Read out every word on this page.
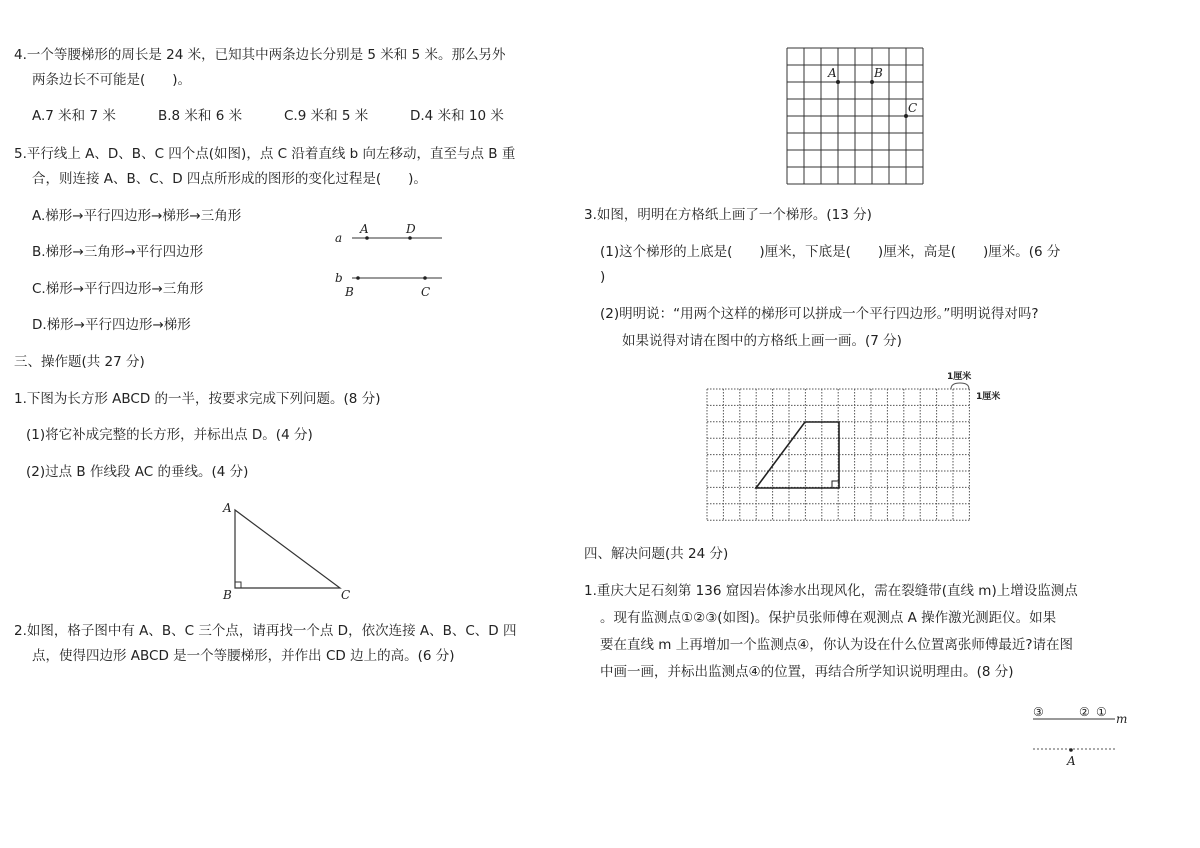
4.一个等腰梯形的周长是 24 米，已知其中两条边长分别是 5 米和 5 米。那么另外
两条边长不可能是(　　)。
A.7 米和 7 米	B.8 米和 6 米	C.9 米和 5 米	D.4 米和 10 米
5.平行线上 A、D、B、C 四个点(如图)，点 C 沿着直线 b 向左移动，直至与点 B 重
合，则连接 A、B、C、D 四点所形成的图形的变化过程是(　　)。
A.梯形→平行四边形→梯形→三角形
B.梯形→三角形→平行四边形
C.梯形→平行四边形→三角形
D.梯形→平行四边形→梯形
a
b
A	D
B	C
三、操作题(共 27 分)
1.下图为长方形 ABCD 的一半，按要求完成下列问题。(8 分)
(1)将它补成完整的长方形，并标出点 D。(4 分)
(2)过点 B 作线段 AC 的垂线。(4 分)
A
B	C
2.如图，格子图中有 A、B、C 三个点，请再找一个点 D，依次连接 A、B、C、D 四
点，使得四边形 ABCD 是一个等腰梯形，并作出 CD 边上的高。(6 分)
A	B
C
3.如图，明明在方格纸上画了一个梯形。(13 分)
(1)这个梯形的上底是(　　)厘米，下底是(　　)厘米，高是(　　)厘米。(6 分
)
(2)明明说：“用两个这样的梯形可以拼成一个平行四边形。”明明说得对吗?
如果说得对请在图中的方格纸上画一画。(7 分)
1厘米
1厘米
四、解决问题(共 24 分)
1.重庆大足石刻第 136 窟因岩体渗水出现风化，需在裂缝带(直线 m)上增设监测点
。现有监测点①②③(如图)。保护员张师傅在观测点 A 操作激光测距仪。如果
要在直线 m 上再增加一个监测点④，你认为设在什么位置离张师傅最近?请在图
中画一画，并标出监测点④的位置，再结合所学知识说明理由。(8 分)
③	② ① m
A
